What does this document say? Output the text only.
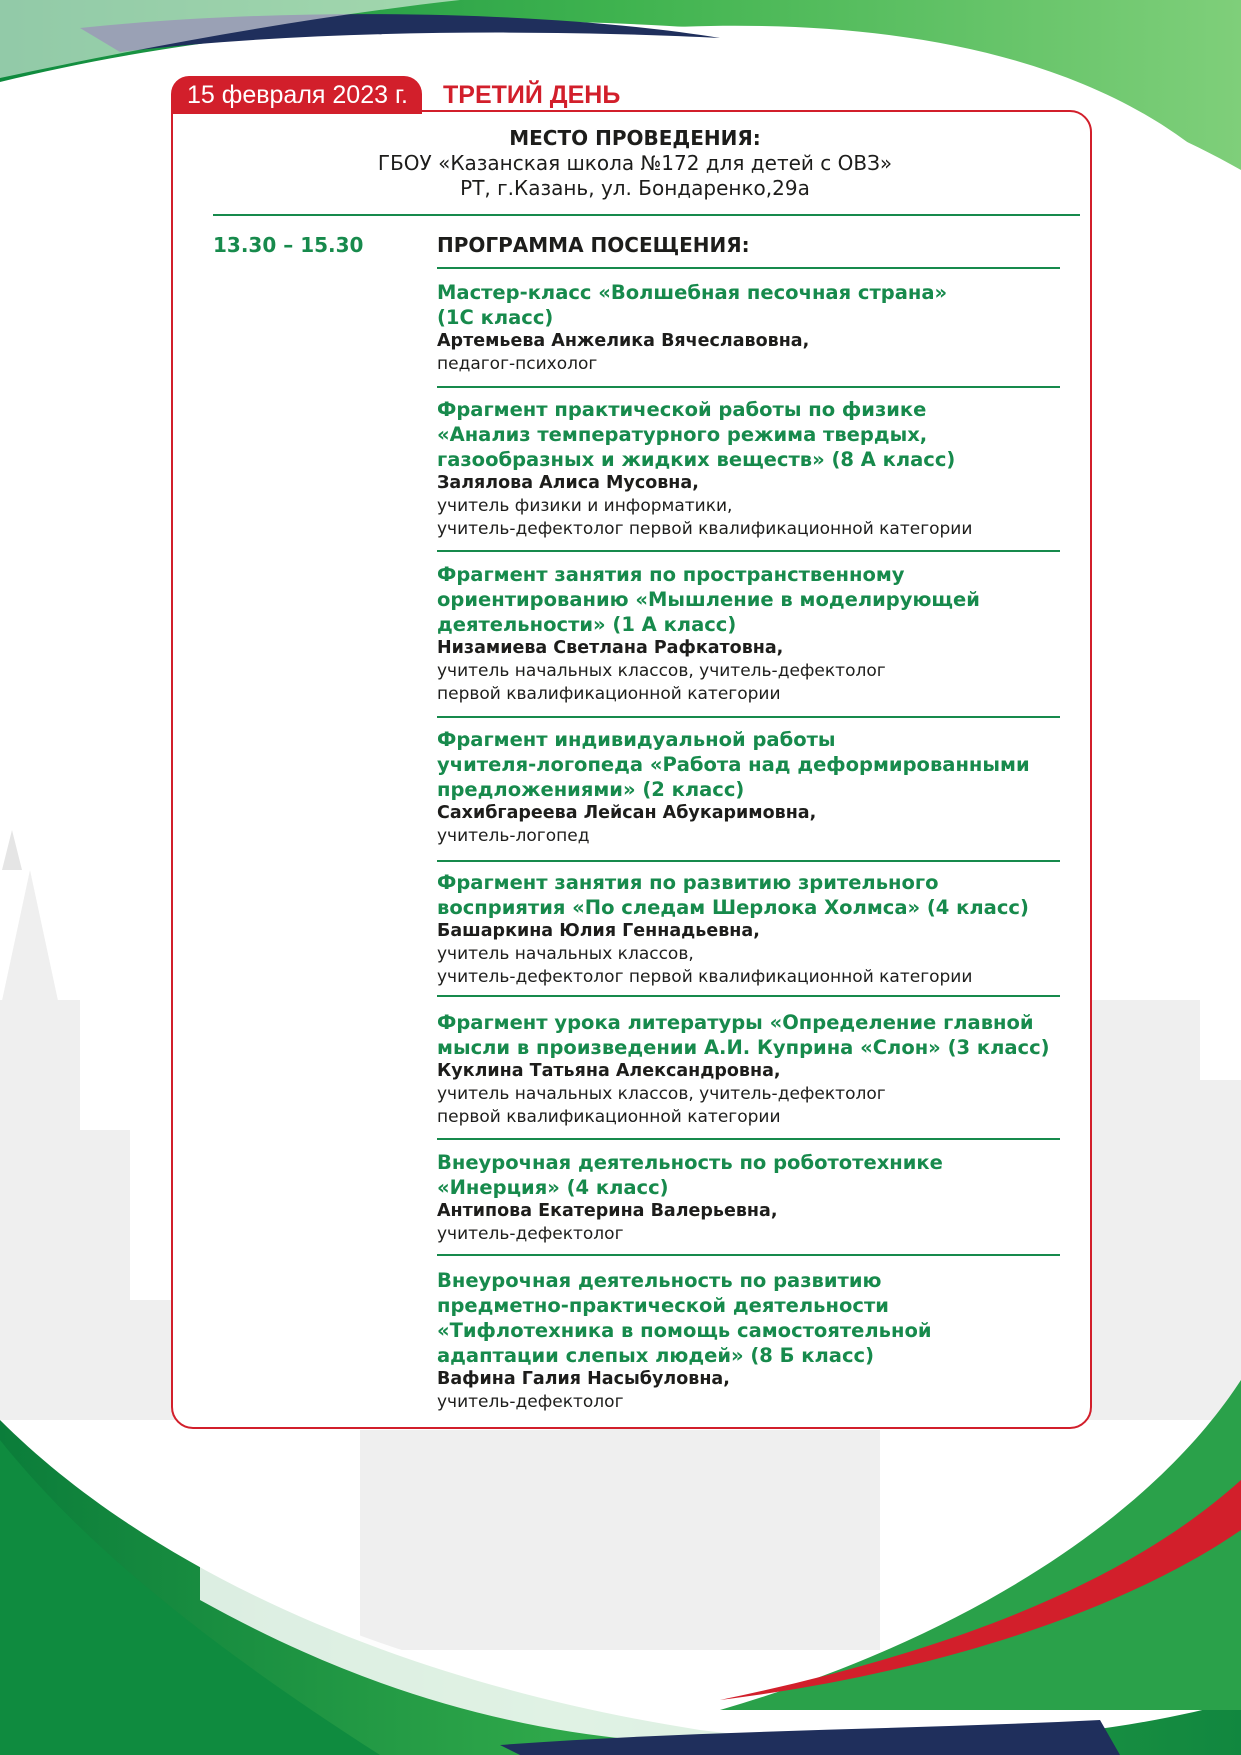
15 февраля 2023 г.	ТРЕТИЙ ДЕНЬ
МЕСТО ПРОВЕДЕНИЯ:
ГБОУ «Казанская школа №172 для детей с ОВЗ»
РТ, г.Казань, ул. Бондаренко,29а
13.30 – 15.30	ПРОГРАММА ПОСЕЩЕНИЯ:
Мастер-класс «Волшебная песочная страна»
(1С класс)
Артемьева Анжелика Вячеславовна,
педагог-психолог
Фрагмент практической работы по физике
«Анализ температурного режима твердых,
газообразных и жидких веществ» (8 А класс)
Залялова Алиса Мусовна,
учитель физики и информатики,
учитель-дефектолог первой квалификационной категории
Фрагмент занятия по пространственному
ориентированию «Мышление в моделирующей
деятельности» (1 А класс)
Низамиева Светлана Рафкатовна,
учитель начальных классов, учитель-дефектолог
первой квалификационной категории
Фрагмент индивидуальной работы
учителя-логопеда «Работа над деформированными
предложениями» (2 класс)
Сахибгареева Лейсан Абукаримовна,
учитель-логопед
Фрагмент занятия по развитию зрительного
восприятия «По следам Шерлока Холмса» (4 класс)
Башаркина Юлия Геннадьевна,
учитель начальных классов,
учитель-дефектолог первой квалификационной категории
Фрагмент урока литературы «Определение главной
мысли в произведении А.И. Куприна «Слон» (3 класс)
Куклина Татьяна Александровна,
учитель начальных классов, учитель-дефектолог
первой квалификационной категории
Внеурочная деятельность по робототехнике
«Инерция» (4 класс)
Антипова Екатерина Валерьевна,
учитель-дефектолог
Внеурочная деятельность по развитию
предметно-практической деятельности
«Тифлотехника в помощь самостоятельной
адаптации слепых людей» (8 Б класс)
Вафина Галия Насыбуловна,
учитель-дефектолог
